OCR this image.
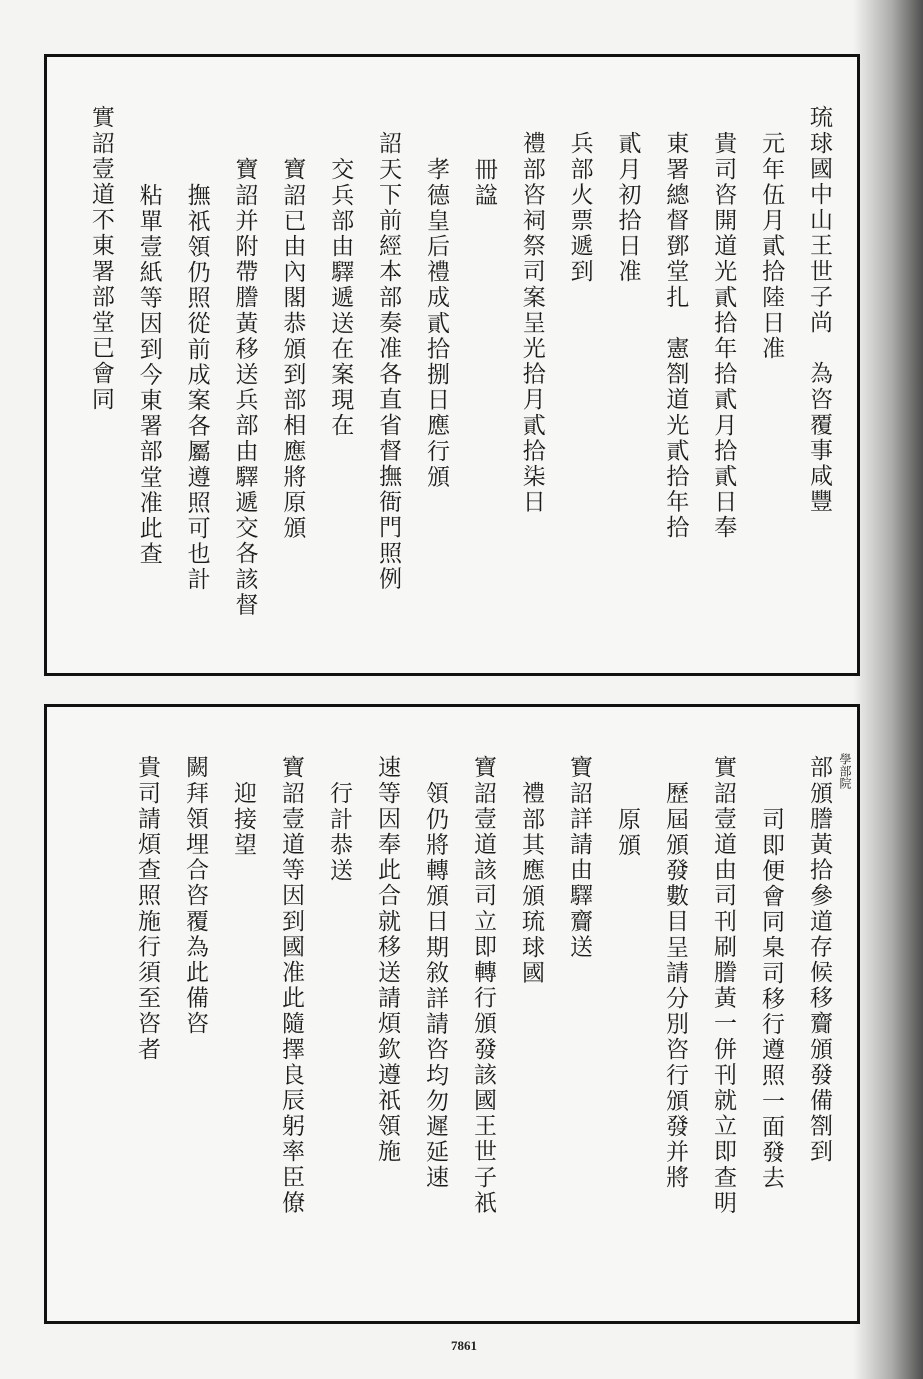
琉球國中山王世子尚　為咨覆事咸豐
元年伍月貳拾陸日准
貴司咨開道光貳拾年拾貳月拾貳日奉
東署總督鄧堂扎　憲劄道光貳拾年拾
貳月初拾日准
兵部火票遞到
禮部咨祠祭司案呈光拾月貳拾柒日
冊諡
孝德皇后禮成貳拾捌日應行頒
詔天下前經本部奏准各直省督撫衙門照例
交兵部由驛遞送在案現在
寶詔已由內閣恭頒到部相應將原頒
寶詔并附帶謄黃移送兵部由驛遞交各該督
撫祇領仍照從前成案各屬遵照可也計
粘單壹紙等因到今東署部堂准此查
實詔壹道不東署部堂已會同
部頒謄黃拾參道存候移齎頒發備劄到
司即便會同臬司移行遵照一面發去
實詔壹道由司刊刷謄黃一併刊就立即查明
歷屆頒發數目呈請分別咨行頒發并將
原頒
寶詔詳請由驛齎送
禮部其應頒琉球國
寶詔壹道該司立即轉行頒發該國王世子祇
領仍將轉頒日期敘詳請咨均勿遲延速
速等因奉此合就移送請煩欽遵祇領施
行計恭送
寶詔壹道等因到國准此隨擇良辰躬率臣僚
迎接望
闕拜領埋合咨覆為此備咨
貴司請煩查照施行須至咨者	學部院
7861
